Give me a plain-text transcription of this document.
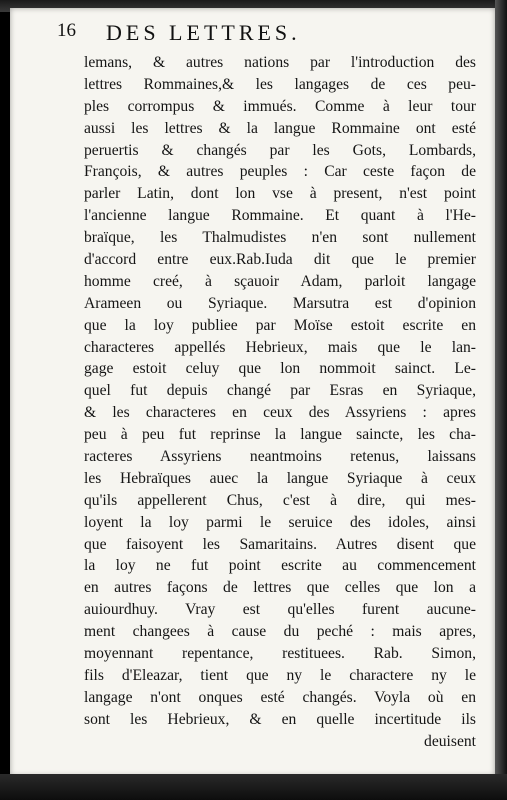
16 DES LETTRES.
lemans, & autres nations par l'introduction des
lettres Rommaines,& les langages de ces peu-
ples corrompus & immués. Comme à leur tour
aussi les lettres & la langue Rommaine ont esté
peruertis & changés par les Gots, Lombards,
François, & autres peuples : Car ceste façon de
parler Latin, dont lon vse à present, n'est point
l'ancienne langue Rommaine. Et quant à l'He-
braïque, les Thalmudistes n'en sont nullement
d'accord entre eux.Rab.Iuda dit que le premier
homme creé, à sçauoir Adam, parloit langage
Arameen ou Syriaque. Marsutra est d'opinion
que la loy publiee par Moïse estoit escrite en
characteres appellés Hebrieux, mais que le lan-
gage estoit celuy que lon nommoit sainct. Le-
quel fut depuis changé par Esras en Syriaque,
& les characteres en ceux des Assyriens : apres
peu à peu fut reprinse la langue saincte, les cha-
racteres Assyriens neantmoins retenus, laissans
les Hebraïques auec la langue Syriaque à ceux
qu'ils appellerent Chus, c'est à dire, qui mes-
loyent la loy parmi le seruice des idoles, ainsi
que faisoyent les Samaritains. Autres disent que
la loy ne fut point escrite au commencement
en autres façons de lettres que celles que lon a
auiourdhuy. Vray est qu'elles furent aucune-
ment changees à cause du peché : mais apres,
moyennant repentance, restituees. Rab. Simon,
fils d'Eleazar, tient que ny le charactere ny le
langage n'ont onques esté changés. Voyla où en
sont les Hebrieux, & en quelle incertitude ils
deuisent
